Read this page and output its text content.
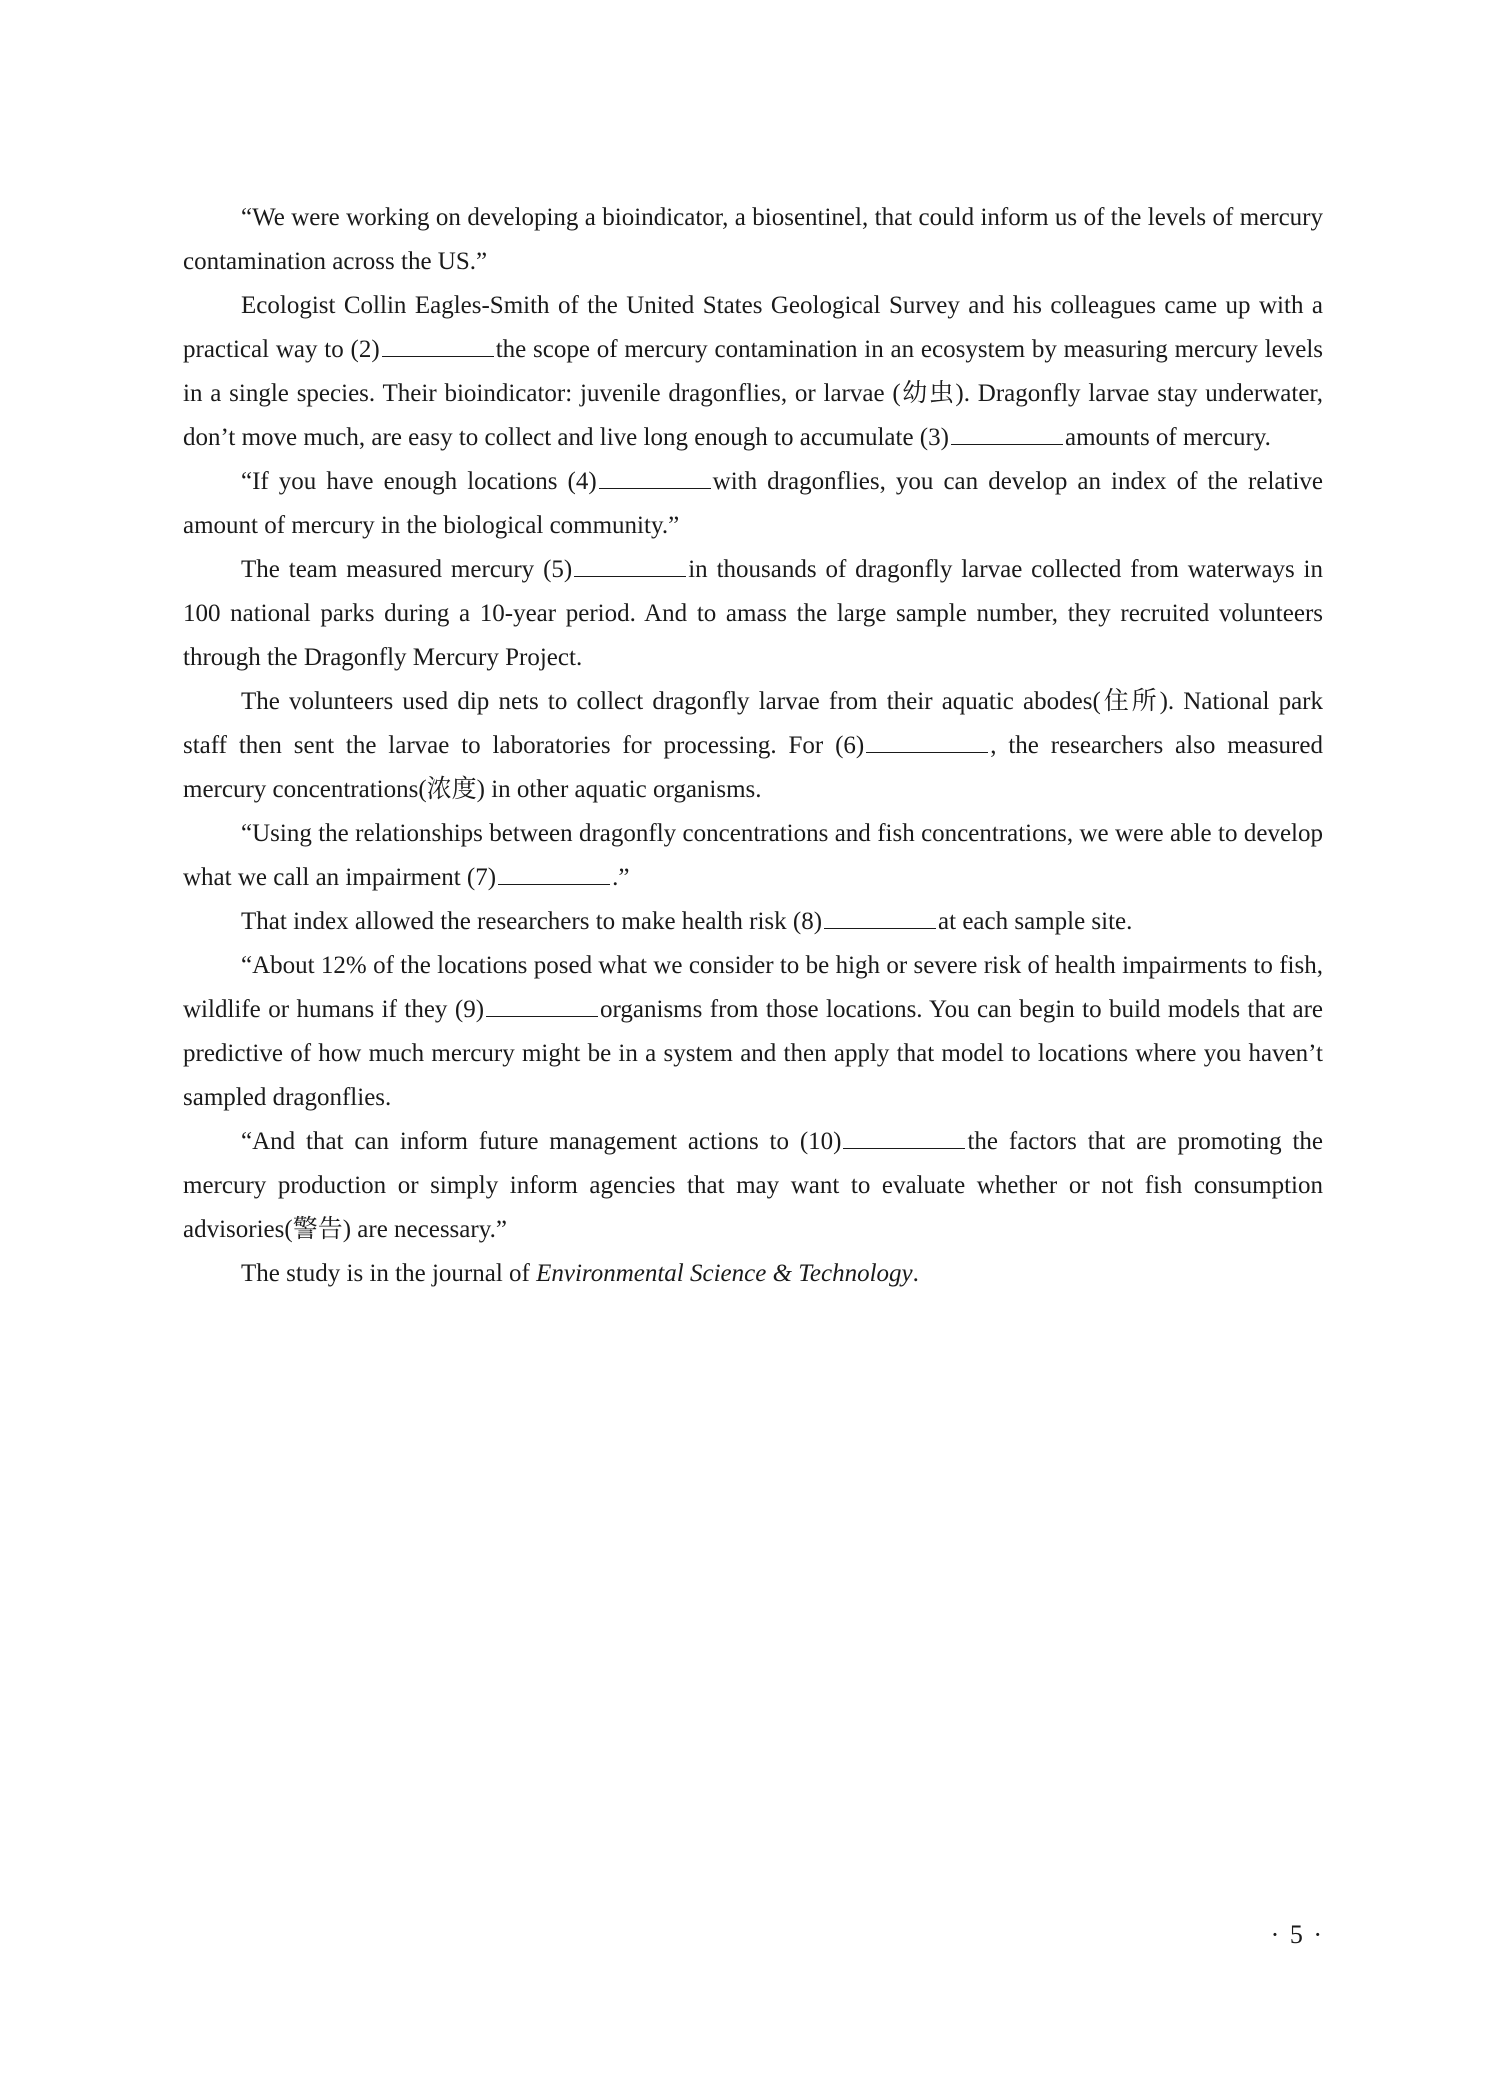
“We were working on developing a bioindicator, a biosentinel, that could inform us of the levels of mercury contamination across the US.”

Ecologist Collin Eagles-Smith of the United States Geological Survey and his colleagues came up with a practical way to (2)	the scope of mercury contamination in an ecosystem by measuring mercury levels in a single species. Their bioindicator: juvenile dragonflies, or larvae (幼虫). Dragonfly larvae stay underwater, don’t move much, are easy to collect and live long enough to accumulate (3)	amounts of mercury.

“If you have enough locations (4)	with dragonflies, you can develop an index of the relative amount of mercury in the biological community.”

The team measured mercury (5)	in thousands of dragonfly larvae collected from waterways in 100 national parks during a 10-year period. And to amass the large sample number, they recruited volunteers through the Dragonfly Mercury Project.

The volunteers used dip nets to collect dragonfly larvae from their aquatic abodes(住所). National park staff then sent the larvae to laboratories for processing. For (6)	, the researchers also measured mercury concentrations(浓度) in other aquatic organisms.

“Using the relationships between dragonfly concentrations and fish concentrations, we were able to develop what we call an impairment (7)	.”

That index allowed the researchers to make health risk (8)	at each sample site.

“About 12% of the locations posed what we consider to be high or severe risk of health impairments to fish, wildlife or humans if they (9)	organisms from those locations. You can begin to build models that are predictive of how much mercury might be in a system and then apply that model to locations where you haven’t sampled dragonflies.

“And that can inform future management actions to (10)	the factors that are promoting the mercury production or simply inform agencies that may want to evaluate whether or not fish consumption advisories(警告) are necessary.”

The study is in the journal of Environmental Science & Technology.

· 5 ·
